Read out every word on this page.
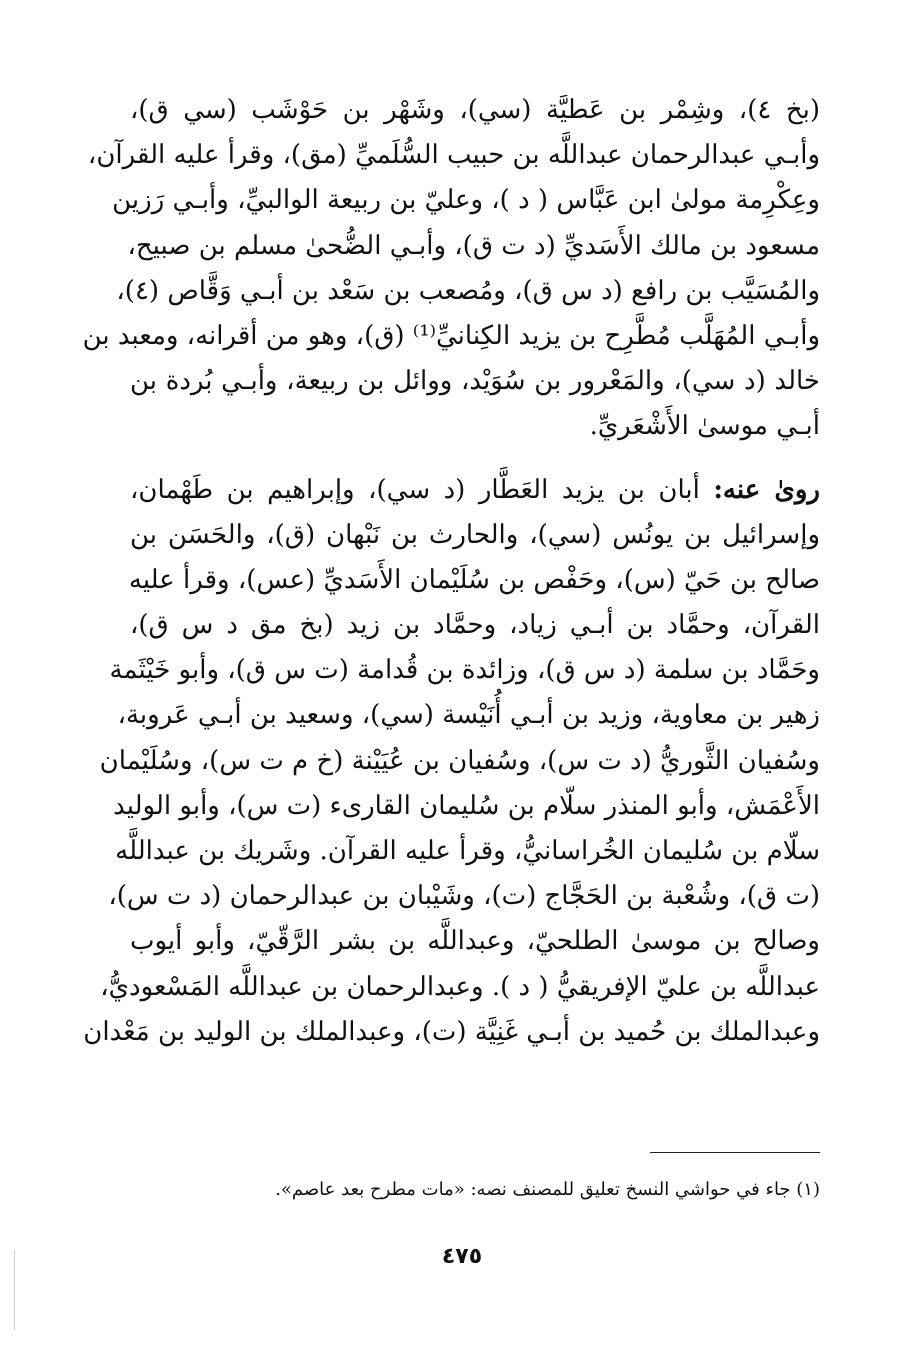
(بخ ٤)، وشِمْر بن عَطيَّة (سي)، وشَهْر بن حَوْشَب (سي ق)،
وأبـي عبدالرحمان عبداللَّه بن حبيب السُّلَميِّ (مق)، وقرأ عليه القرآن،
وعِكْرِمة مولىٰ ابن عَبَّاس ( د )، وعليّ بن ربيعة الوالبيِّ، وأبـي رَزين
مسعود بن مالك الأَسَديِّ (د ت ق)، وأبـي الضُّحىٰ مسلم بن صبيح،
والمُسَيَّب بن رافع (د س ق)، ومُصعب بن سَعْد بن أبـي وَقَّاص (٤)،
وأبـي المُهَلَّب مُطَّرِح بن يزيد الكِنانيِّ⁽¹⁾ (ق)، وهو من أقرانه، ومعبد بن
خالد (د سي)، والمَعْرور بن سُوَيْد، ووائل بن ربيعة، وأبـي بُردة بن
أبـي موسىٰ الأَشْعَريِّ.
روىٰ عنه: أبان بن يزيد العَطَّار (د سي)، وإبراهيم بن طَهْمان،
وإسرائيل بن يونُس (سي)، والحارث بن نَبْهان (ق)، والحَسَن بن
صالح بن حَيّ (س)، وحَفْص بن سُلَيْمان الأَسَديِّ (عس)، وقرأ عليه
القرآن، وحمَّاد بن أبـي زياد، وحمَّاد بن زيد (بخ مق د س ق)،
وحَمَّاد بن سلمة (د س ق)، وزائدة بن قُدامة (ت س ق)، وأبو خَيْثَمة
زهير بن معاوية، وزيد بن أبـي أُنَيْسة (سي)، وسعيد بن أبـي عَروبة،
وسُفيان الثَّوريُّ (د ت س)، وسُفيان بن عُيَيْنة (خ م ت س)، وسُلَيْمان
الأَعْمَش، وأبو المنذر سلّام بن سُليمان القارىء (ت س)، وأبو الوليد
سلّام بن سُليمان الخُراسانيُّ، وقرأ عليه القرآن. وشَريك بن عبداللَّه
(ت ق)، وشُعْبة بن الحَجَّاج (ت)، وشَيْبان بن عبدالرحمان (د ت س)،
وصالح بن موسىٰ الطلحيّ، وعبداللَّه بن بشر الرَّقّيّ، وأبو أيوب
عبداللَّه بن عليّ الإفريقيُّ ( د ). وعبدالرحمان بن عبداللَّه المَسْعوديُّ،
وعبدالملك بن حُميد بن أبـي غَنِيَّة (ت)، وعبدالملك بن الوليد بن مَعْدان
(١) جاء في حواشي النسخ تعليق للمصنف نصه: «مات مطرح بعد عاصم».
٤٧٥
